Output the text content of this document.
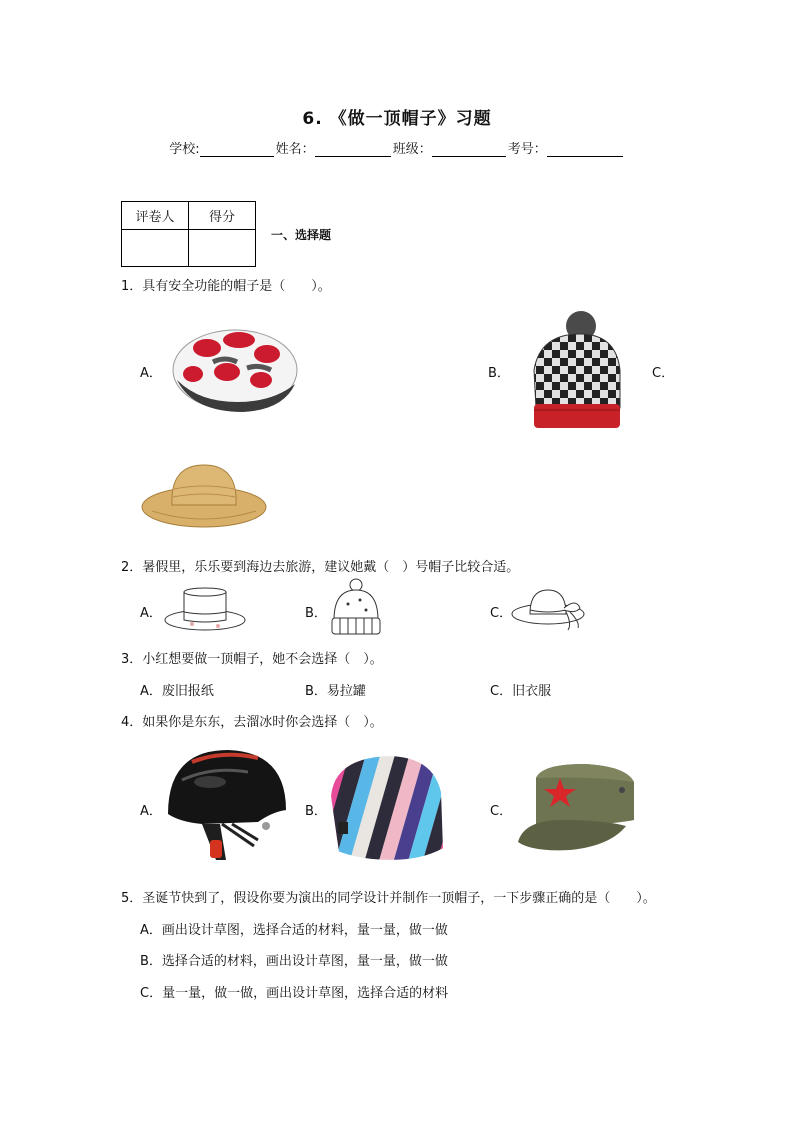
6. 《做一顶帽子》习题
学校:	姓名：	班级：	考号：
评卷人	得分

一、选择题
1．具有安全功能的帽子是（　　）。
A．	B．	C．
2．暑假里，乐乐要到海边去旅游，建议她戴（　）号帽子比较合适。
A．	B．	C．
3．小红想要做一顶帽子，她不会选择（　）。
A．废旧报纸	B．易拉罐	C．旧衣服
4．如果你是东东，去溜冰时你会选择（　）。
A．	B．	C．
5．圣诞节快到了，假设你要为演出的同学设计并制作一顶帽子，一下步骤正确的是（　　）。
A．画出设计草图，选择合适的材料，量一量，做一做
B．选择合适的材料，画出设计草图，量一量，做一做
C．量一量，做一做，画出设计草图，选择合适的材料
